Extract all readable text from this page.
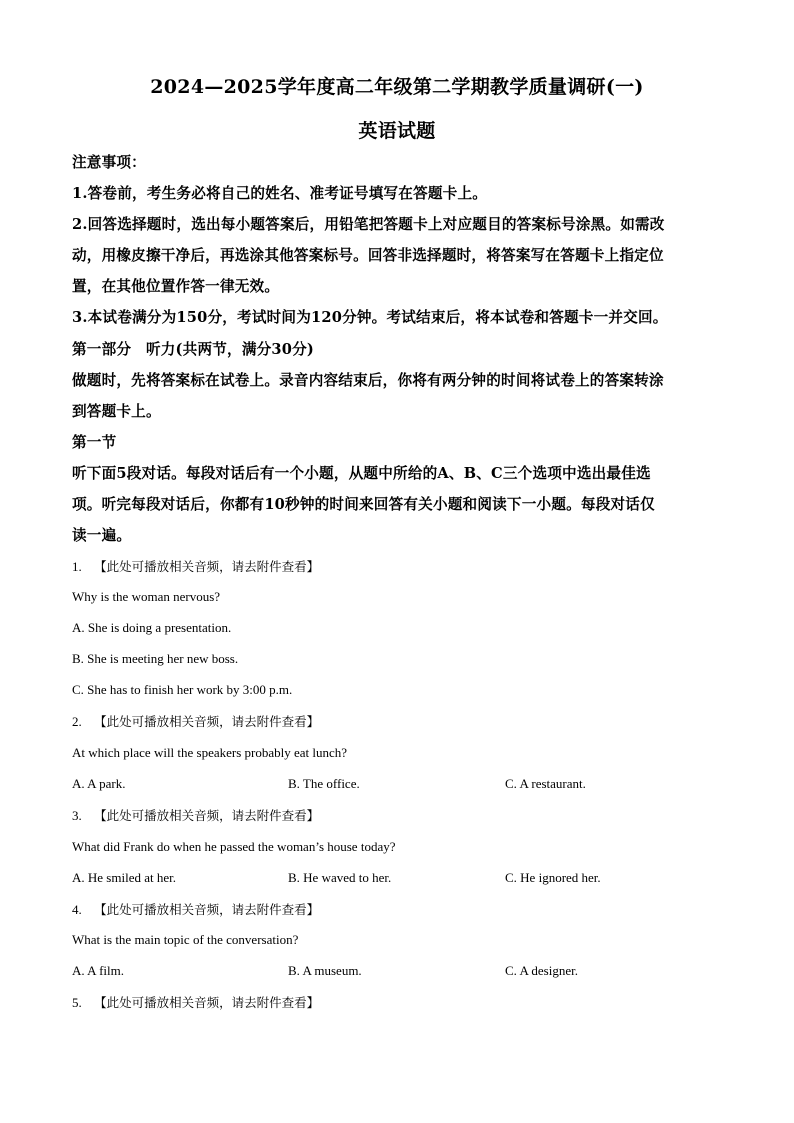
2024—2025学年度高二年级第二学期教学质量调研(一)
英语试题
注意事项：
1.答卷前，考生务必将自己的姓名、准考证号填写在答题卡上。
2.回答选择题时，选出每小题答案后，用铅笔把答题卡上对应题目的答案标号涂黑。如需改
动，用橡皮擦干净后，再选涂其他答案标号。回答非选择题时，将答案写在答题卡上指定位
置，在其他位置作答一律无效。
3.本试卷满分为150分，考试时间为120分钟。考试结束后，将本试卷和答题卡一并交回。
第一部分　听力(共两节，满分30分)
做题时，先将答案标在试卷上。录音内容结束后，你将有两分钟的时间将试卷上的答案转涂
到答题卡上。
第一节
听下面5段对话。每段对话后有一个小题，从题中所给的A、B、C三个选项中选出最佳选
项。听完每段对话后，你都有10秒钟的时间来回答有关小题和阅读下一小题。每段对话仅
读一遍。
1. 【此处可播放相关音频，请去附件查看】
Why is the woman nervous?
A. She is doing a presentation.
B. She is meeting her new boss.
C. She has to finish her work by 3:00 p.m.
2. 【此处可播放相关音频，请去附件查看】
At which place will the speakers probably eat lunch?
A. A park.	B. The office.	C. A restaurant.
3. 【此处可播放相关音频，请去附件查看】
What did Frank do when he passed the woman’s house today?
A. He smiled at her.	B. He waved to her.	C. He ignored her.
4. 【此处可播放相关音频，请去附件查看】
What is the main topic of the conversation?
A. A film.	B. A museum.	C. A designer.
5. 【此处可播放相关音频，请去附件查看】
